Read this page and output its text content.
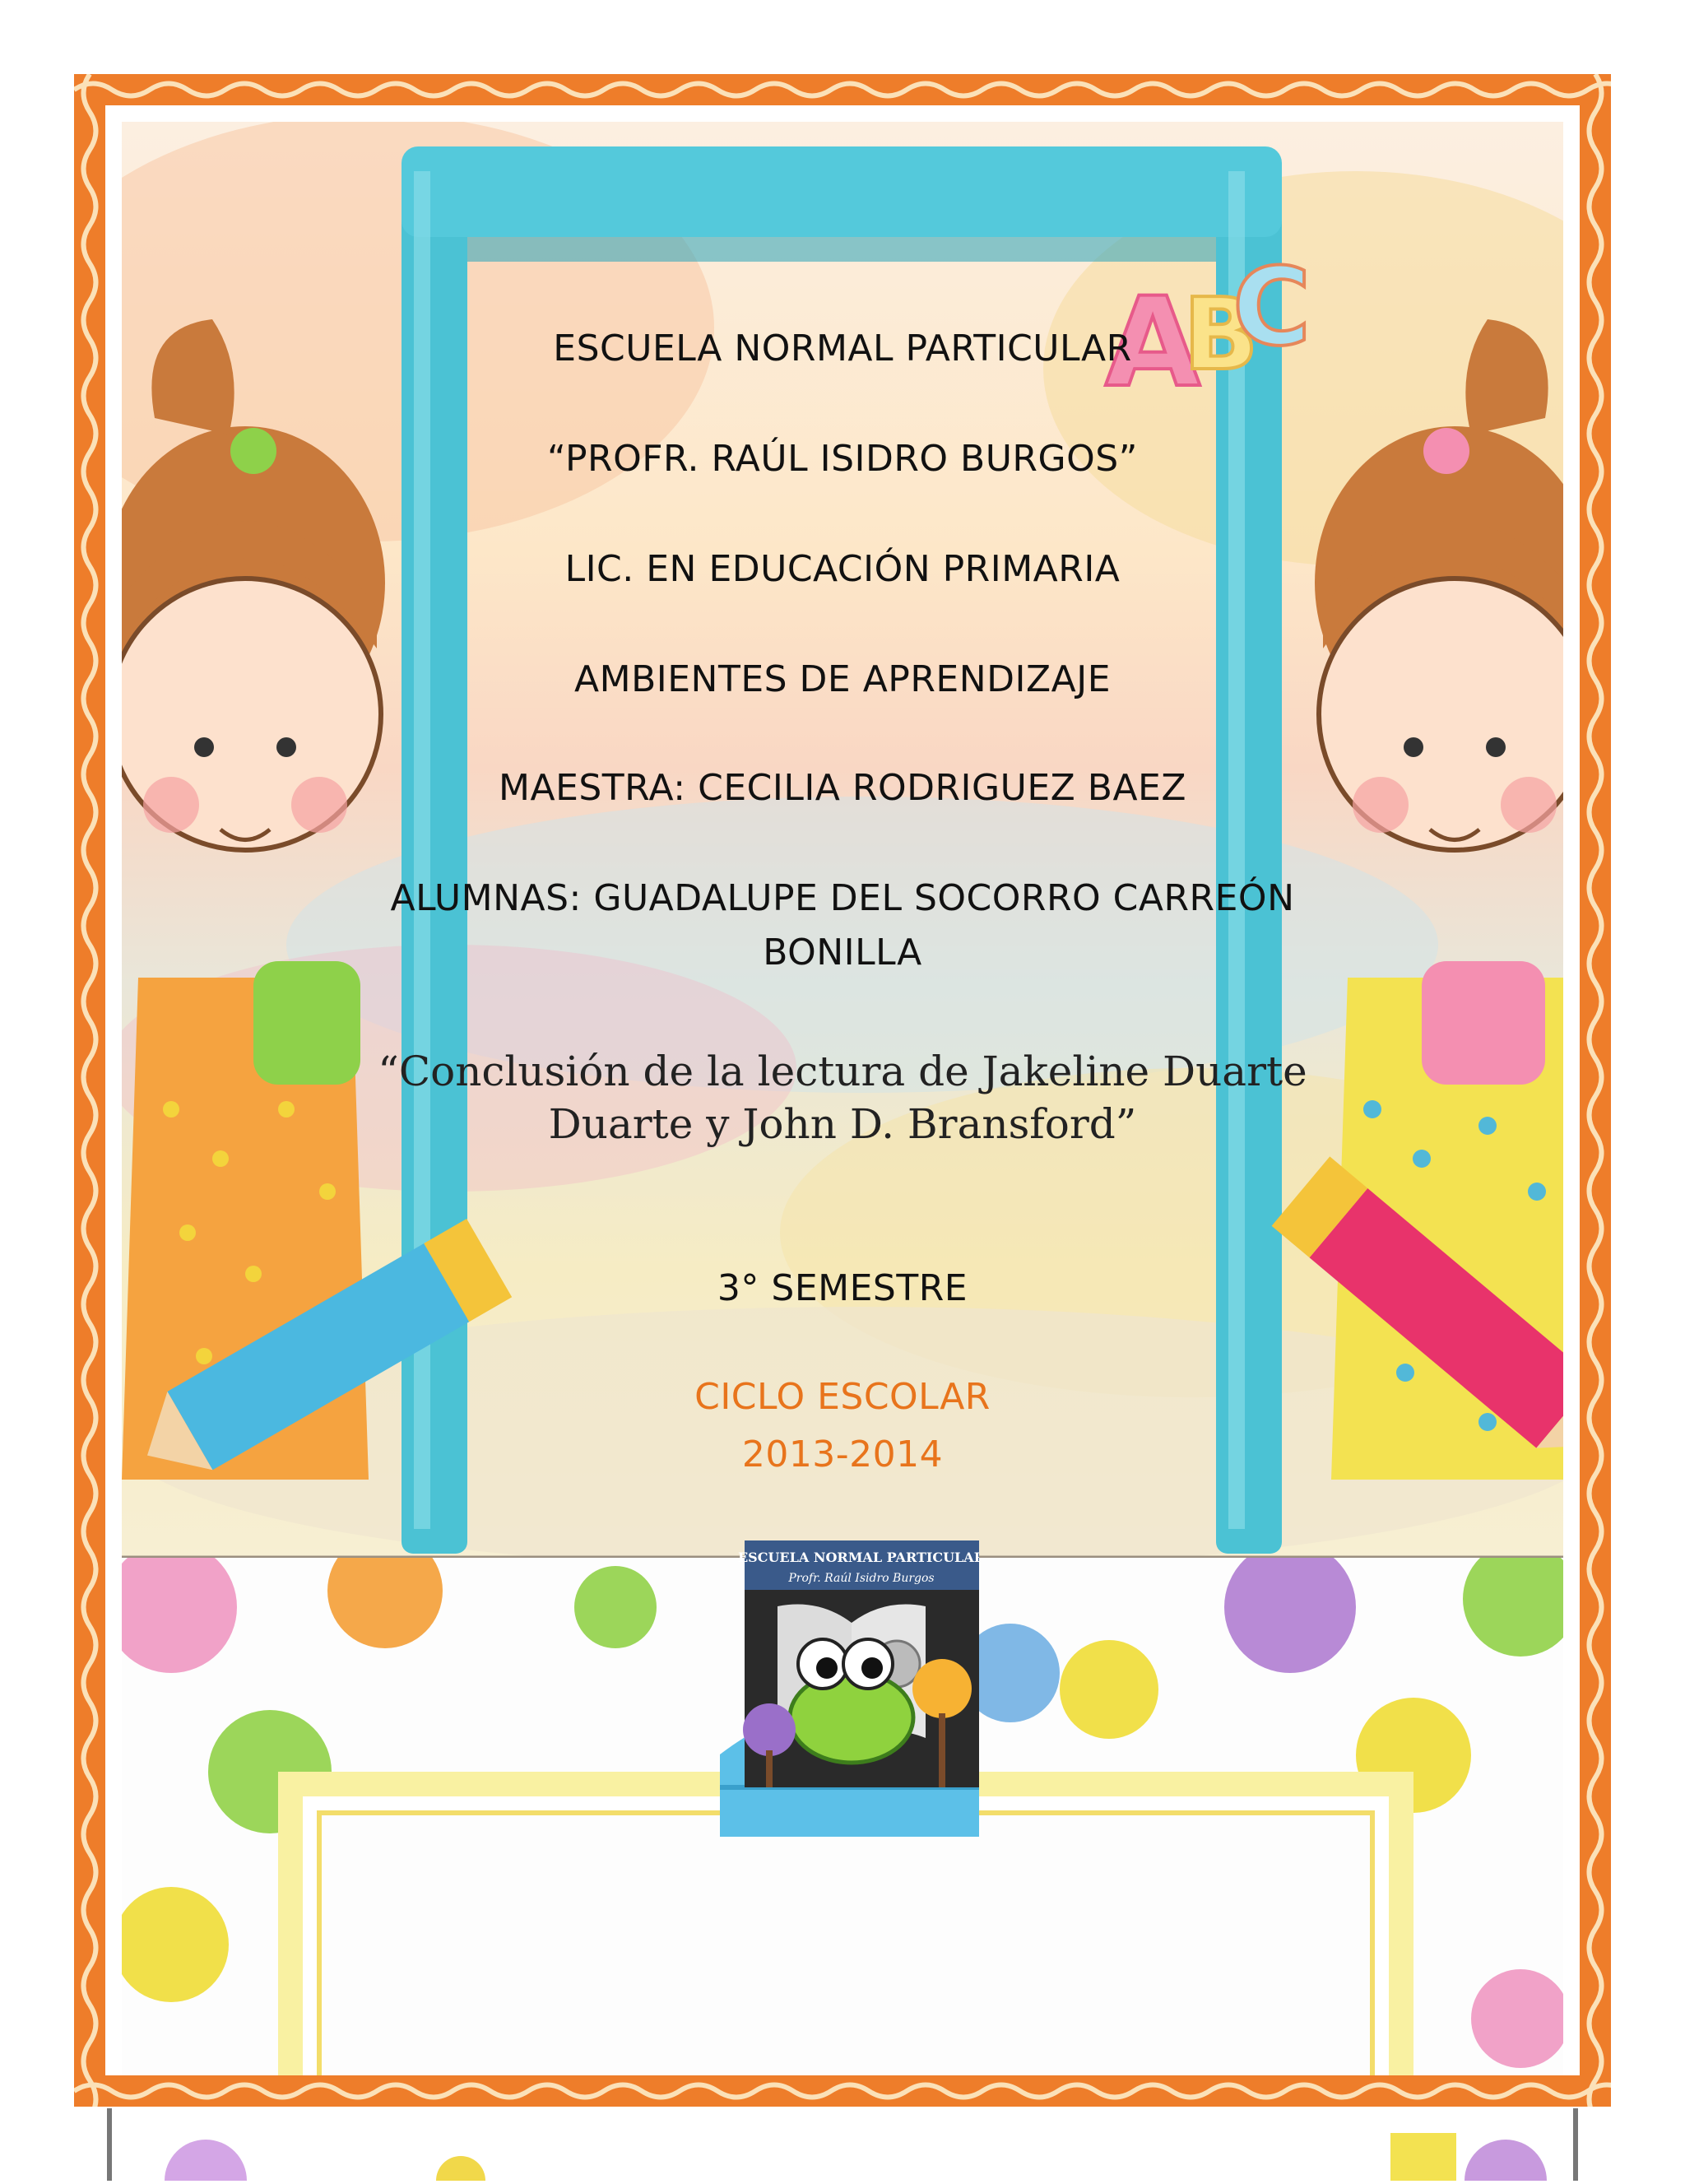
A
B
C
ESCUELA NORMAL PARTICULAR
“PROFR. RAÚL ISIDRO BURGOS”
LIC. EN EDUCACIÓN PRIMARIA
AMBIENTES DE APRENDIZAJE
MAESTRA: CECILIA RODRIGUEZ BAEZ
ALUMNAS: GUADALUPE DEL SOCORRO CARREÓN
BONILLA
“Conclusión de la lectura de Jakeline Duarte
Duarte y John D. Bransford”
3° SEMESTRE
CICLO ESCOLAR
2013-2014
ESCUELA NORMAL PARTICULAR
Profr. Raúl Isidro Burgos
